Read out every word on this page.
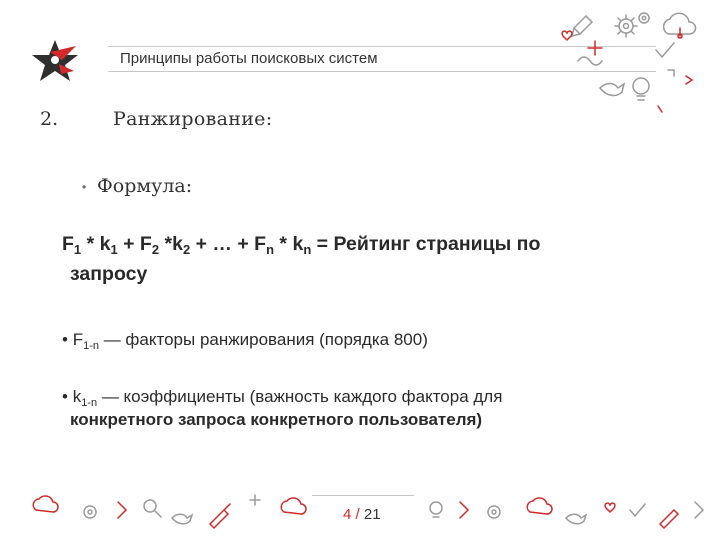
Принципы работы поисковых систем
2.	Ранжирование:
• Формула:
$F_1 * k_1 + F_2$ $*k_2$ + … + $F_n * k_n$ = Рейтинг страницы по
запросу
• $F_{1-n}$ — факторы ранжирования (порядка 800)
• $k_{1-n}$ — коэффициенты (важность каждого фактора для
конкретного запроса конкретного пользователя)
4 / 21
